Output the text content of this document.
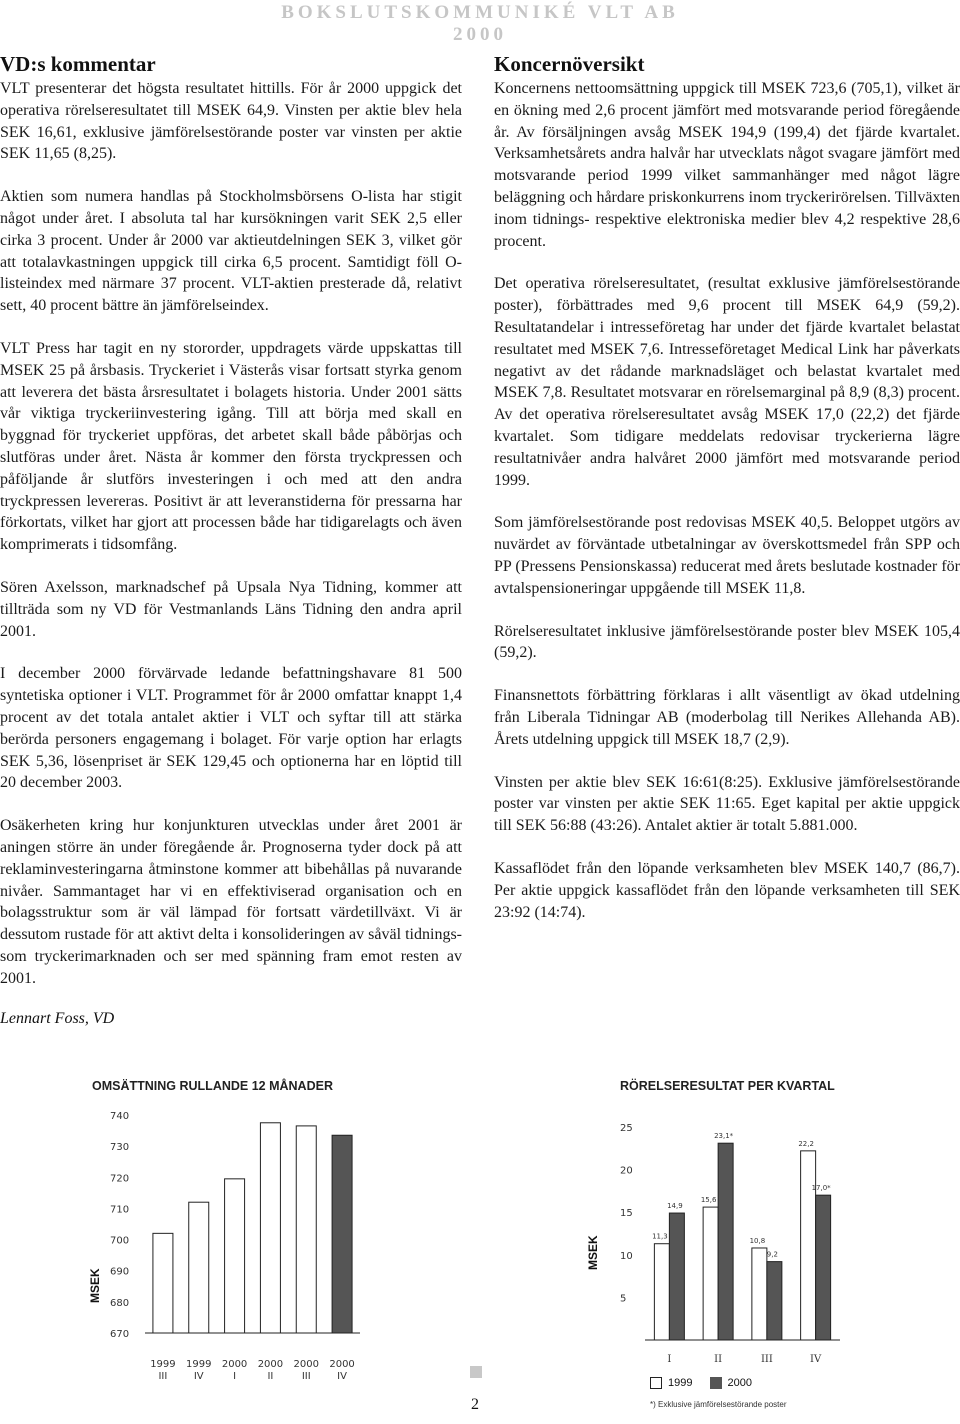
BOKSLUTSKOMMUNIKÉ VLT AB 2000
VD:s kommentar

VLT presenterar det högsta resultatet hittills. För år 2000 uppgick det operativa rörelseresultatet till MSEK 64,9. Vinsten per aktie blev hela SEK 16,61, exklusive jämförelsestörande poster var vinsten per aktie SEK 11,65 (8,25).

Aktien som numera handlas på Stockholmsbörsens O-lista har stigit något under året. I absoluta tal har kursökningen varit SEK 2,5 eller cirka 3 procent. Under år 2000 var aktieutdelningen SEK 3, vilket gör att totalavkastningen uppgick till cirka 6,5 procent. Samtidigt föll O-listeindex med närmare 37 procent. VLT-aktien presterade då, relativt sett, 40 procent bättre än jämförelseindex.

VLT Press har tagit en ny stororder, uppdragets värde uppskattas till MSEK 25 på årsbasis. Tryckeriet i Västerås visar fortsatt styrka genom att leverera det bästa årsresultatet i bolagets historia. Under 2001 sätts vår viktiga tryckeriinvestering igång. Till att börja med skall en byggnad för tryckeriet uppföras, det arbetet skall både påbörjas och slutföras under året. Nästa år kommer den första tryckpressen och påföljande år slutförs investeringen i och med att den andra tryckpressen levereras. Positivt är att leveranstiderna för pressarna har förkortats, vilket har gjort att processen både har tidigarelagts och även komprimerats i tidsomfång.

Sören Axelsson, marknadschef på Upsala Nya Tidning, kommer att tillträda som ny VD för Vestmanlands Läns Tidning den andra april 2001.

I december 2000 förvärvade ledande befattningshavare 81 500 syntetiska optioner i VLT. Programmet för år 2000 omfattar knappt 1,4 procent av det totala antalet aktier i VLT och syftar till att stärka berörda personers engagemang i bolaget. För varje option har erlagts SEK 5,36, lösenpriset är SEK 129,45 och optionerna har en löptid till 20 december 2003.

Osäkerheten kring hur konjunkturen utvecklas under året 2001 är aningen större än under föregående år. Prognoserna tyder dock på att reklaminvesteringarna åtminstone kommer att bibehållas på nuvarande nivåer. Sammantaget har vi en effektiviserad organisation och en bolagsstruktur som är väl lämpad för fortsatt värdetillväxt. Vi är dessutom rustade för att aktivt delta i konsolideringen av såväl tidnings- som tryckerimarknaden och ser med spänning fram emot resten av 2001.

Lennart Foss, VD
Koncernöversikt

Koncernens nettoomsättning uppgick till MSEK 723,6 (705,1), vilket är en ökning med 2,6 procent jämfört med motsvarande period föregående år. Av försäljningen avsåg MSEK 194,9 (199,4) det fjärde kvartalet. Verksamhetsårets andra halvår har utvecklats något svagare jämfört med motsvarande period 1999 vilket sammanhänger med något lägre beläggning och hårdare priskonkurrens inom tryckerirörelsen. Tillväxten inom tidnings- respektive elektroniska medier blev 4,2 respektive 28,6 procent.

Det operativa rörelseresultatet, (resultat exklusive jämförelsestörande poster), förbättrades med 9,6 procent till MSEK 64,9 (59,2). Resultatandelar i intresseföretag har under det fjärde kvartalet belastat resultatet med MSEK 7,6. Intresseföretaget Medical Link har påverkats negativt av det rådande marknadsläget och belastat kvartalet med MSEK 7,8. Resultatet motsvarar en rörelsemarginal på 8,9 (8,3) procent. Av det operativa rörelseresultatet avsåg MSEK 17,0 (22,2) det fjärde kvartalet. Som tidigare meddelats redovisar tryckerierna lägre resultatnivåer andra halvåret 2000 jämfört med motsvarande period 1999.

Som jämförelsestörande post redovisas MSEK 40,5. Beloppet utgörs av nuvärdet av förväntade utbetalningar av överskottsmedel från SPP och PP (Pressens Pensionskassa) reducerat med årets beslutade kostnader för avtalspensioneringar uppgående till MSEK 11,8.

Rörelseresultatet inklusive jämförelsestörande poster blev MSEK 105,4 (59,2).

Finansnettots förbättring förklaras i allt väsentligt av ökad utdelning från Liberala Tidningar AB (moderbolag till Nerikes Allehanda AB). Årets utdelning uppgick till MSEK 18,7 (2,9).

Vinsten per aktie blev SEK 16:61(8:25). Exklusive jämförelsestörande poster var vinsten per aktie SEK 11:65. Eget kapital per aktie uppgick till SEK 56:88 (43:26). Antalet aktier är totalt 5.881.000.

Kassaflödet från den löpande verksamheten blev MSEK 140,7 (86,7). Per aktie uppgick kassaflödet från den löpande verksamheten till SEK 23:92 (14:74).

OMSÄTTNING RULLANDE 12 MÅNADER
MSEK
740
730
720
710
700
690
680
670
1999
III
1999
IV
2000
I
2000
II
2000
III
2000
IV
RÖRELSERESULTAT PER KVARTAL
MSEK
25
20
15
10
5
11,3
14,9
I
15,6
23,1*
II
10,8
9,2
III
22,2
17,0*
IV
1999	2000
*) Exklusive jämförelsestörande poster
2
